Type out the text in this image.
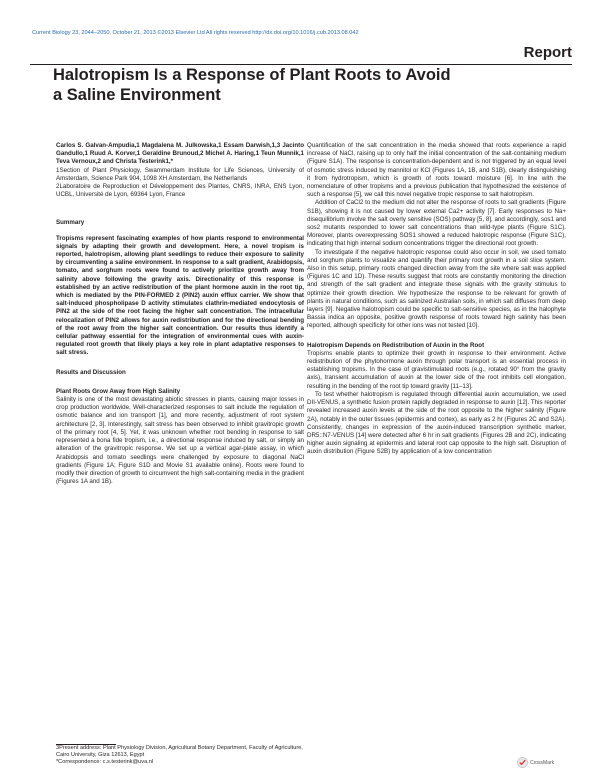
Current Biology 23, 2044–2050, October 21, 2013 ©2013 Elsevier Ltd All rights reserved http://dx.doi.org/10.1016/j.cub.2013.08.042
Report
Halotropism Is a Response of Plant Roots to Avoid a Saline Environment

Carlos S. Galvan-Ampudia,1 Magdalena M. Julkowska,1 Essam Darwish,1,3 Jacinto Gandullo,1 Ruud A. Korver,1 Geraldine Brunoud,2 Michel A. Haring,1 Teun Munnik,1 Teva Vernoux,2 and Christa Testerink1,*

1Section of Plant Physiology, Swammerdam Institute for Life Sciences, University of Amsterdam, Science Park 904, 1098 XH Amsterdam, the Netherlands

2Laboratoire de Reproduction et Développement des Plantes, CNRS, INRA, ENS Lyon, UCBL, Université de Lyon, 69364 Lyon, France

Summary

Tropisms represent fascinating examples of how plants respond to environmental signals by adapting their growth and development. Here, a novel tropism is reported, halotropism, allowing plant seedlings to reduce their exposure to salinity by circumventing a saline environment. In response to a salt gradient, Arabidopsis, tomato, and sorghum roots were found to actively prioritize growth away from salinity above following the gravity axis. Directionality of this response is established by an active redistribution of the plant hormone auxin in the root tip, which is mediated by the PIN-FORMED 2 (PIN2) auxin efflux carrier. We show that salt-induced phospholipase D activity stimulates clathrin-mediated endocytosis of PIN2 at the side of the root facing the higher salt concentration. The intracellular relocalization of PIN2 allows for auxin redistribution and for the directional bending of the root away from the higher salt concentration. Our results thus identify a cellular pathway essential for the integration of environmental cues with auxin-regulated root growth that likely plays a key role in plant adaptative responses to salt stress.

Results and Discussion

Plant Roots Grow Away from High Salinity

Salinity is one of the most devastating abiotic stresses in plants, causing major losses in crop production worldwide. Well-characterized responses to salt include the regulation of osmotic balance and ion transport [1], and more recently, adjustment of root system architecture [2, 3]. Interestingly, salt stress has been observed to inhibit gravitropic growth of the primary root [4, 5]. Yet, it was unknown whether root bending in response to salt represented a bona fide tropism, i.e., a directional response induced by salt, or simply an alteration of the gravitropic response. We set up a vertical agar-plate assay, in which Arabidopsis and tomato seedlings were challenged by exposure to diagonal NaCl gradients (Figure 1A; Figure S1D and Movie S1 available online). Roots were found to modify their direction of growth to circumvent the high salt-containing media in the gradient (Figures 1A and 1B).

Quantification of the salt concentration in the media showed that roots experience a rapid increase of NaCl, raising up to only half the initial concentration of the salt-containing medium (Figure S1A). The response is concentration-dependent and is not triggered by an equal level of osmotic stress induced by mannitol or KCl (Figures 1A, 1B, and S1B), clearly distinguishing it from hydrotropism, which is growth of roots toward moisture [6]. In line with the nomenclature of other tropisms and a previous publication that hypothesized the existence of such a response [5], we call this novel negative tropic response to salt halotropism.

Addition of CaCl2 to the medium did not alter the response of roots to salt gradients (Figure S1B), showing it is not caused by lower external Ca2+ activity [7]. Early responses to Na+ disequilibrium involve the salt overly sensitive (SOS) pathway [5, 8], and accordingly, sos1 and sos2 mutants responded to lower salt concentrations than wild-type plants (Figure S1C). Moreover, plants overexpressing SOS1 showed a reduced halotropic response (Figure S1C), indicating that high internal sodium concentrations trigger the directional root growth.

To investigate if the negative halotropic response could also occur in soil, we used tomato and sorghum plants to visualize and quantify their primary root growth in a soil slice system. Also in this setup, primary roots changed direction away from the site where salt was applied (Figures 1C and 1D). These results suggest that roots are constantly monitoring the direction and strength of the salt gradient and integrate these signals with the gravity stimulus to optimize their growth direction. We hypothesize the response to be relevant for growth of plants in natural conditions, such as salinized Australian soils, in which salt diffuses from deep layers [9]. Negative halotropism could be specific to salt-sensitive species, as in the halophyte Bassia indica an opposite, positive growth response of roots toward high salinity has been reported, although specificity for other ions was not tested [10].

Halotropism Depends on Redistribution of Auxin in the Root

Tropisms enable plants to optimize their growth in response to their environment. Active redistribution of the phytohormone auxin through polar transport is an essential process in establishing tropisms. In the case of gravistimulated roots (e.g., rotated 90° from the gravity axis), transient accumulation of auxin at the lower side of the root inhibits cell elongation, resulting in the bending of the root tip toward gravity [11–13].

To test whether halotropism is regulated through differential auxin accumulation, we used DII-VENUS, a synthetic fusion protein rapidly degraded in response to auxin [12]. This reporter revealed increased auxin levels at the side of the root opposite to the higher salinity (Figure 2A), notably in the outer tissues (epidermis and cortex), as early as 2 hr (Figures 2C and S2A). Consistently, changes in expression of the auxin-induced transcription synthetic marker, DR5::N7-VENUS [14] were detected after 6 hr in salt gradients (Figures 2B and 2C), indicating higher auxin signaling at epidermis and lateral root cap opposite to the high salt. Disruption of auxin distribution (Figure S2B) by application of a low concentration

3Present address: Plant Physiology Division, Agricultural Botany Department, Faculty of Agriculture, Cairo University, Giza 12613, Egypt

*Correspondence: c.s.testerink@uva.nl	CrossMark
